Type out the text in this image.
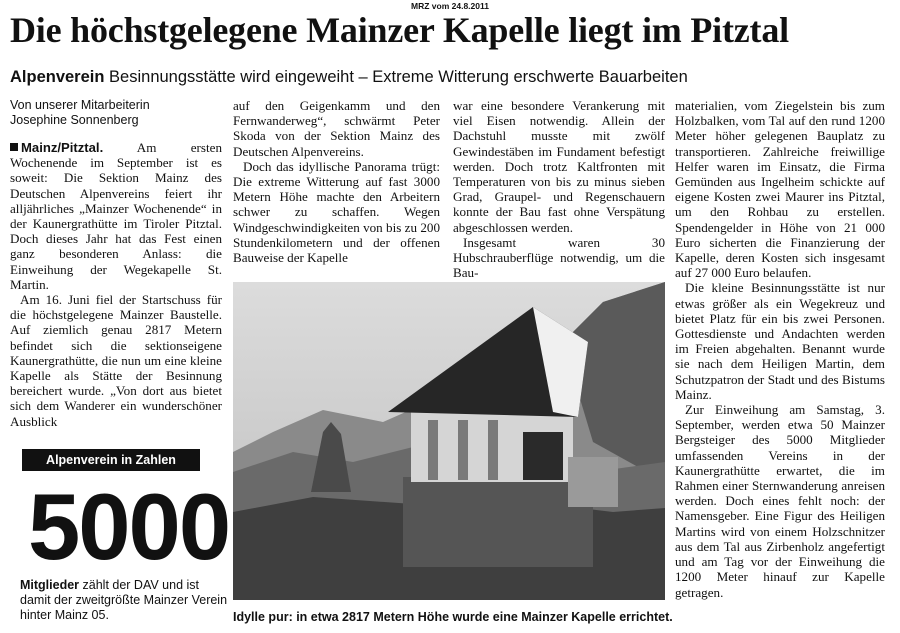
MRZ vom 24.8.2011
Die höchstgelegene Mainzer Kapelle liegt im Pitztal
Alpenverein Besinnungsstätte wird eingeweiht – Extreme Witterung erschwerte Bauarbeiten
Von unserer Mitarbeiterin
Josephine Sonnenberg

Mainz/Pitztal.	Am ersten Wochenende im September ist es soweit: Die Sektion Mainz des Deutschen Alpenvereins feiert ihr alljährliches „Mainzer Wochenende“ in der Kaunergrathütte im Tiroler Pitztal. Doch dieses Jahr hat das Fest einen ganz besonderen Anlass: die Einweihung der Wegekapelle St. Martin.

Am 16. Juni fiel der Startschuss für die höchstgelegene Mainzer Baustelle. Auf ziemlich genau 2817 Metern befindet sich die sektionseigene Kaunergrathütte, die nun um eine kleine Kapelle als Stätte der Besinnung bereichert wurde. „Von dort aus bietet sich dem Wanderer ein wunderschöner Ausblick

auf den Geigenkamm und den Fernwanderweg“, schwärmt Peter Skoda von der Sektion Mainz des Deutschen Alpenvereins.

Doch das idyllische Panorama trügt: Die extreme Witterung auf fast 3000 Metern Höhe machte den Arbeitern schwer zu schaffen. Wegen Windgeschwindigkeiten von bis zu 200 Stundenkilometern und der offenen Bauweise der Kapelle

war eine besondere Verankerung mit viel Eisen notwendig. Allein der Dachstuhl musste mit zwölf Gewindestäben im Fundament befestigt werden. Doch trotz Kaltfronten mit Temperaturen von bis zu minus sieben Grad, Graupel- und Regenschauern konnte der Bau fast ohne Verspätung abgeschlossen werden.

Insgesamt waren 30 Hubschrauberflüge notwendig, um die Bau-

materialien, vom Ziegelstein bis zum Holzbalken, vom Tal auf den rund 1200 Meter höher gelegenen Bauplatz zu transportieren. Zahlreiche freiwillige Helfer waren im Einsatz, die Firma Gemünden aus Ingelheim schickte auf eigene Kosten zwei Maurer ins Pitztal, um den Rohbau zu erstellen. Spendengelder in Höhe von 21 000 Euro sicherten die Finanzierung der Kapelle, deren Kosten sich insgesamt auf 27 000 Euro belaufen.

Die kleine Besinnungsstätte ist nur etwas größer als ein Wegekreuz und bietet Platz für ein bis zwei Personen. Gottesdienste und Andachten werden im Freien abgehalten. Benannt wurde sie nach dem Heiligen Martin, dem Schutzpatron der Stadt und des Bistums Mainz.

Zur Einweihung am Samstag, 3. September, werden etwa 50 Mainzer Bergsteiger des 5000 Mitglieder umfassenden Vereins in der Kaunergrathütte erwartet, die im Rahmen einer Sternwanderung anreisen werden. Doch eines fehlt noch: der Namensgeber. Eine Figur des Heiligen Martins wird von einem Holzschnitzer aus dem Tal aus Zirbenholz angefertigt und am Tag vor der Einweihung die 1200 Meter hinauf zur Kapelle getragen.

Idylle pur: in etwa 2817 Metern Höhe wurde eine Mainzer Kapelle errichtet.
Alpenverein in Zahlen
5000
Mitglieder zählt der DAV und ist damit der zweitgrößte Mainzer Verein hinter Mainz 05.
